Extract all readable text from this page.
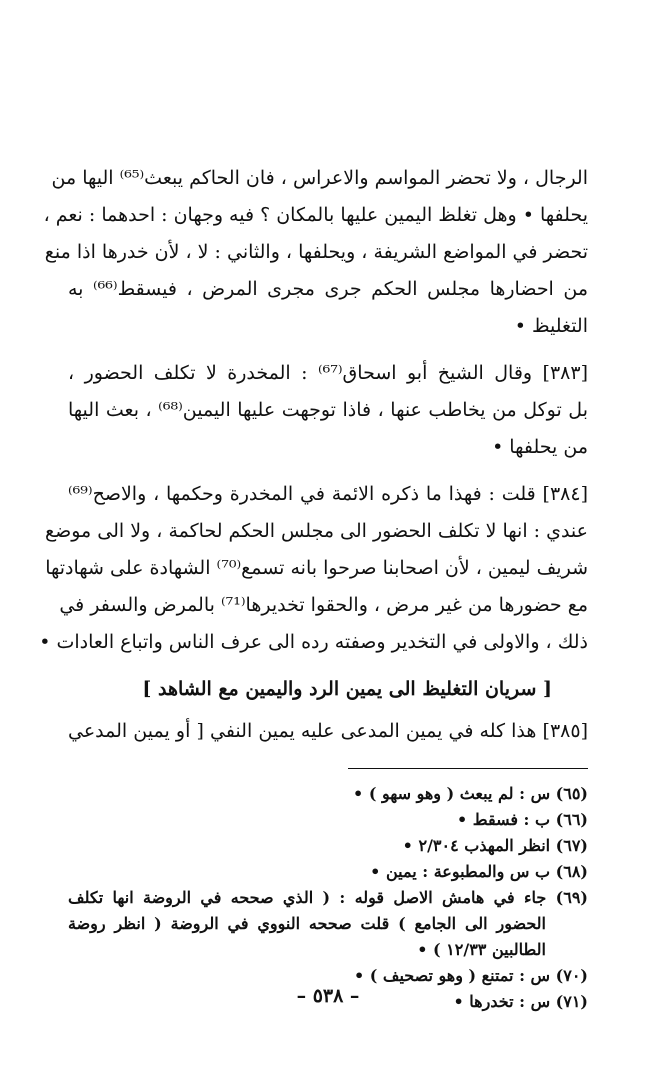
الرجال ، ولا تحضر المواسم والاعراس ، فان الحاكم يبعث⁽⁶⁵⁾ اليها من
يحلفها • وهل تغلظ اليمين عليها بالمكان ؟ فيه وجهان : احدهما : نعم ،
تحضر في المواضع الشريفة ، ويحلفها ، والثاني : لا ، لأن خدرها اذا منع
من احضارها مجلس الحكم جرى مجرى المرض ، فيسقط⁽⁶⁶⁾ به
التغليظ •
[٣٨٣] وقال الشيخ أبو اسحاق⁽⁶⁷⁾ : المخدرة لا تكلف الحضور ،
بل توكل من يخاطب عنها ، فاذا توجهت عليها اليمين⁽⁶⁸⁾ ، بعث اليها
من يحلفها •
[٣٨٤] قلت : فهذا ما ذكره الائمة في المخدرة وحكمها ، والاصح⁽⁶⁹⁾
عندي : انها لا تكلف الحضور الى مجلس الحكم لحاكمة ، ولا الى موضع
شريف ليمين ، لأن اصحابنا صرحوا بانه تسمع⁽⁷⁰⁾ الشهادة على شهادتها
مع حضورها من غير مرض ، والحقوا تخديرها⁽⁷¹⁾ بالمرض والسفر في
ذلك ، والاولى في التخدير وصفته رده الى عرف الناس واتباع العادات •
[ سريان التغليظ الى يمين الرد واليمين مع الشاهد ]
[٣٨٥] هذا كله في يمين المدعى عليه يمين النفي [ أو يمين المدعي
(٦٥) س : لم يبعث ( وهو سهو ) •
(٦٦) ب : فسقط •
(٦٧) انظر المهذب ٢/٣٠٤ •
(٦٨) ب س والمطبوعة : يمين •
(٦٩) جاء في هامش الاصل قوله : ( الذي صححه في الروضة انها تكلف
الحضور الى الجامع ) قلت صححه النووي في الروضة ( انظر روضة
الطالبين ١٢/٣٣ ) •
(٧٠) س : تمتنع ( وهو تصحيف ) •
(٧١) س : تخدرها •
– ٥٣٨ –
